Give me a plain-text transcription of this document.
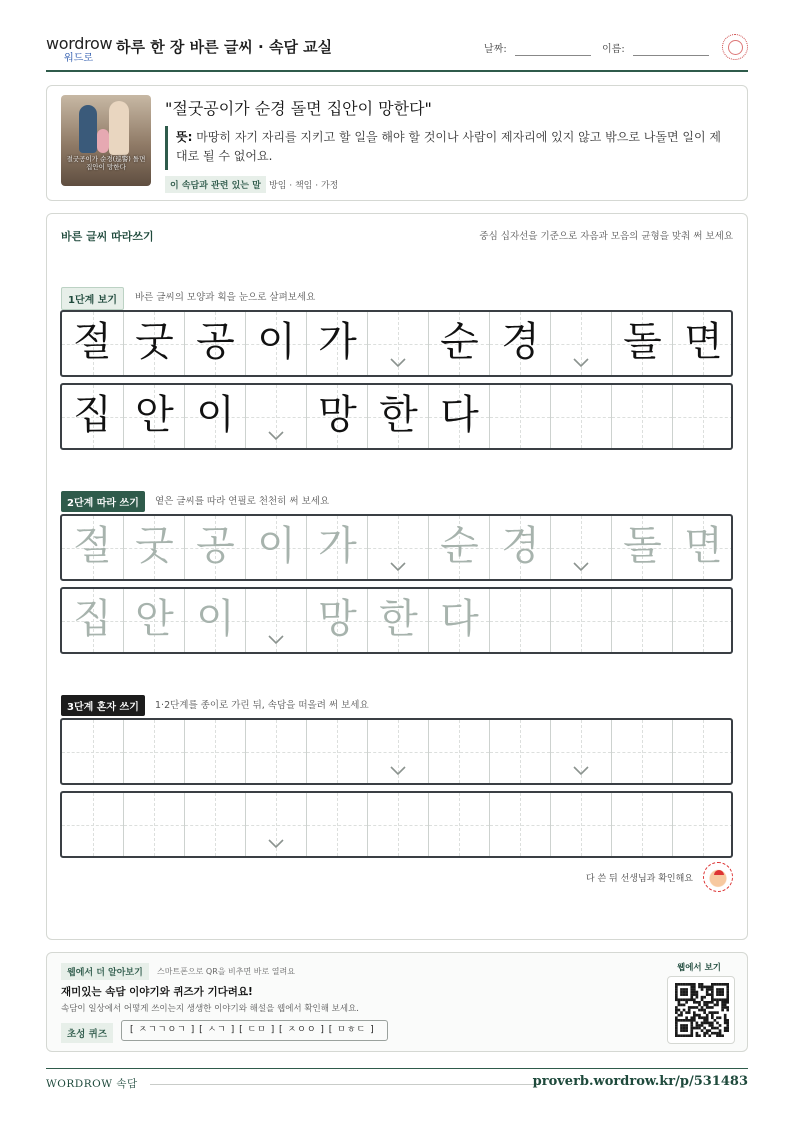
wordrow
워드로
하루 한 장 바른 글씨 · 속담 교실	날짜:	이름:
절굿공이가 순경(巡警) 돌면 집안이 망한다
"절굿공이가 순경 돌면 집안이 망한다"
뜻: 마땅히 자기 자리를 지키고 할 일을 해야 할 것이나 사람이 제자리에 있지 않고 밖으로 나돌면 일이 제대로 될 수 없어요.
이 속담과 관련 있는 말 방임 · 책임 · 가정
바른 글씨 따라쓰기	중심 십자선을 기준으로 자음과 모음의 균형을 맞춰 써 보세요
1단계 보기	바른 글씨의 모양과 획을 눈으로 살펴보세요
2단계 따라 쓰기	옅은 글씨를 따라 연필로 천천히 써 보세요
3단계 혼자 쓰기	1·2단계를 종이로 가린 뒤, 속담을 떠올려 써 보세요
다 쓴 뒤 선생님과 확인해요
절 굿 공 이 가 순 경 돌 면
집 안 이 망 한 다
절 굿 공 이 가 순 경 돌 면
집 안 이 망 한 다
웹에서 더 알아보기	스마트폰으로 QR을 비추면 바로 열려요
재미있는 속담 이야기와 퀴즈가 기다려요!
속담이 일상에서 어떻게 쓰이는지 생생한 이야기와 해설을 웹에서 확인해 보세요.
초성 퀴즈	[ ㅈㄱㄱㅇㄱ ] [ ㅅㄱ ] [ ㄷㅁ ] [ ㅈㅇㅇ ] [ ㅁㅎㄷ ]
웹에서 보기
WORDROW 속담	proverb.wordrow.kr/p/531483
